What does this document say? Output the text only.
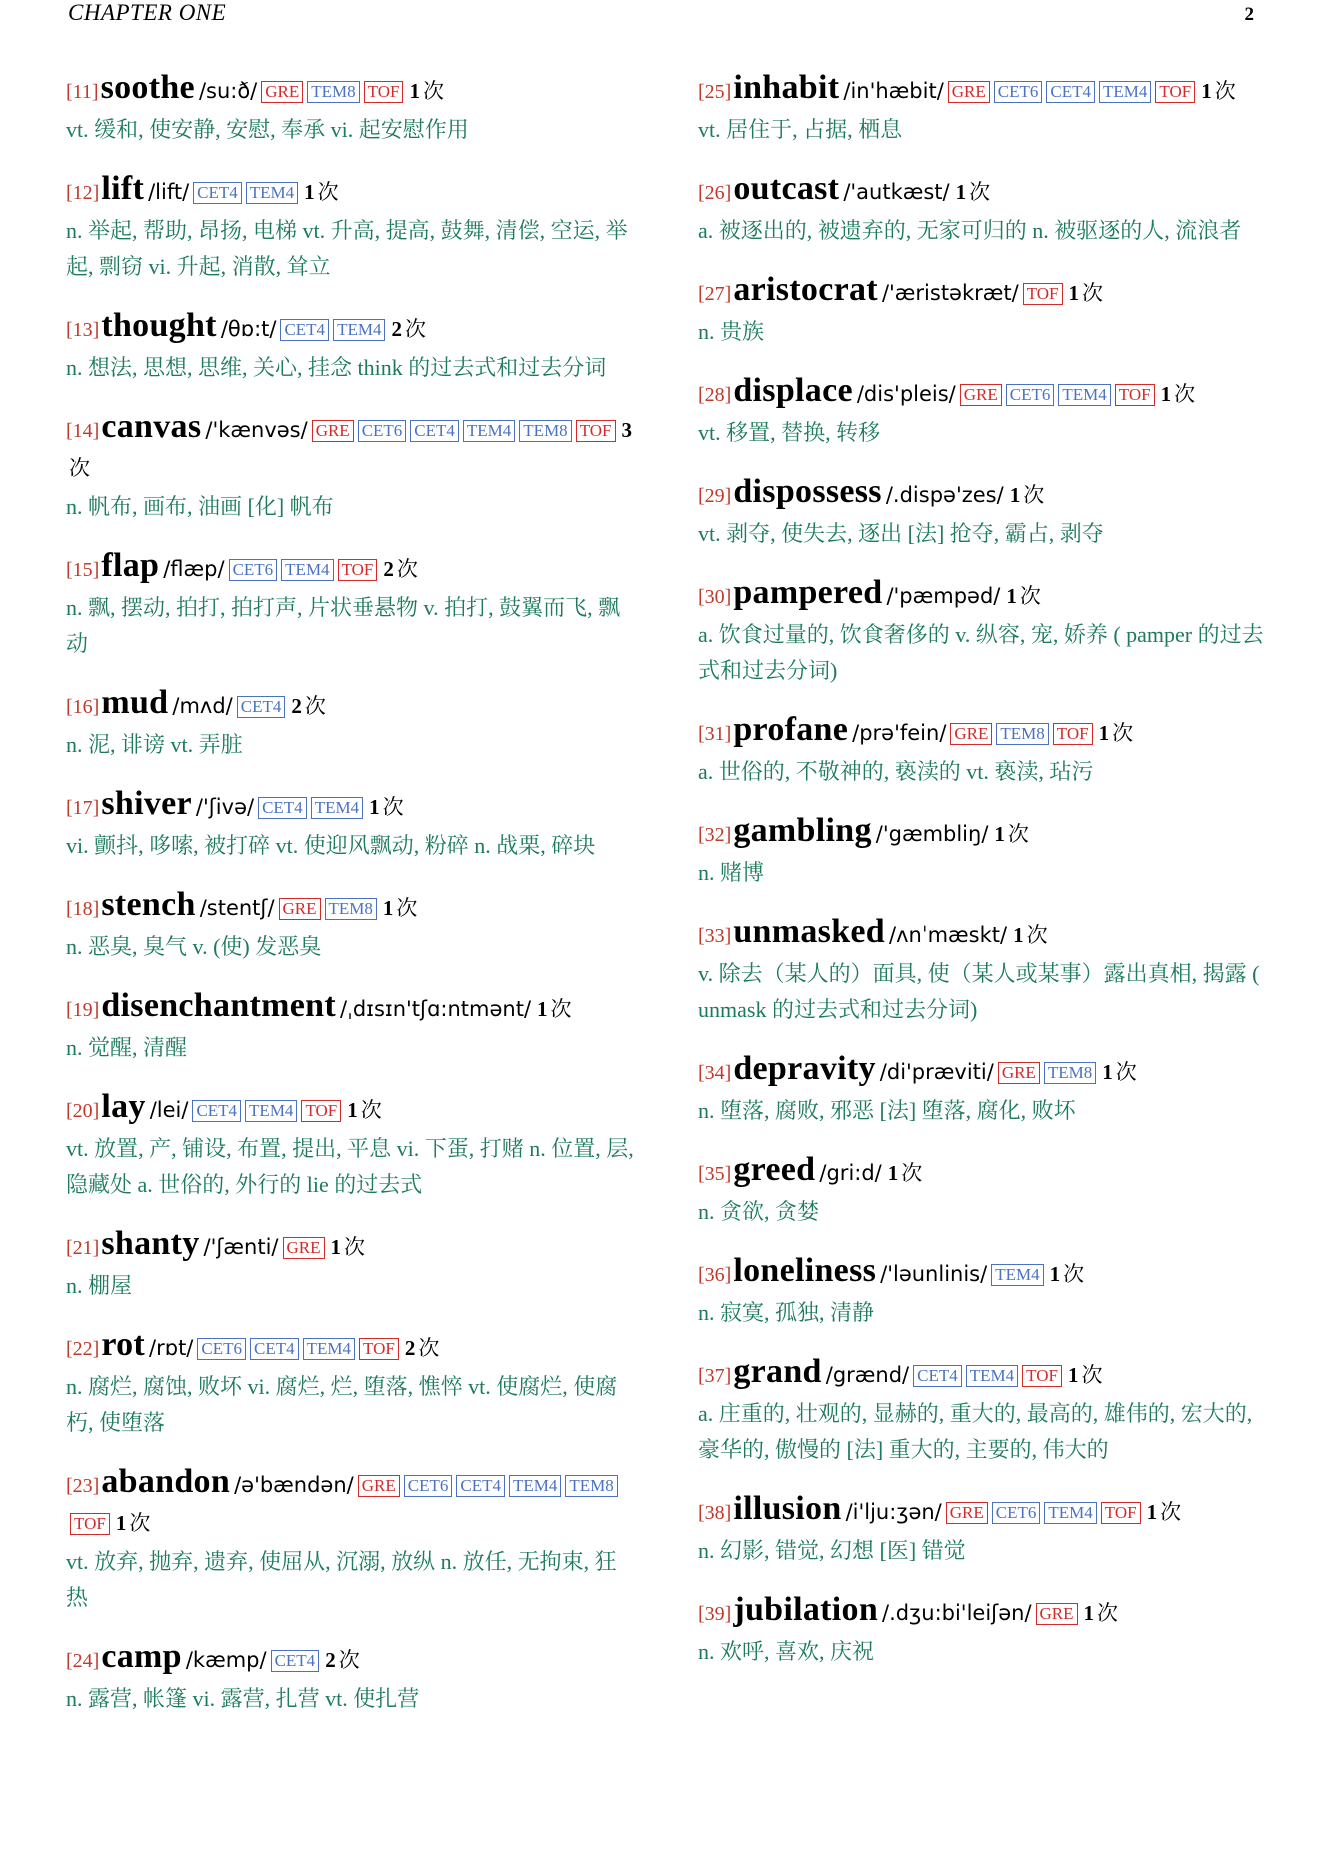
CHAPTER ONE	2
[11]soothe /su:ð/ GRE TEM8 TOF 1 次
vt. 缓和, 使安静, 安慰, 奉承 vi. 起安慰作用
[12]lift /lift/ CET4 TEM4 1 次
n. 举起, 帮助, 昂扬, 电梯 vt. 升高, 提高, 鼓舞, 清偿, 空运, 举起, 剽窃 vi. 升起, 消散, 耸立
[13]thought /θɒ:t/ CET4 TEM4 2 次
n. 想法, 思想, 思维, 关心, 挂念 think 的过去式和过去分词
[14]canvas /'kænvəs/ GRE CET6 CET4 TEM4 TEM8 TOF 3次
n. 帆布, 画布, 油画 [化] 帆布
[15]flap /flæp/ CET6 TEM4 TOF 2 次
n. 飘, 摆动, 拍打, 拍打声, 片状垂悬物 v. 拍打, 鼓翼而飞, 飘动
[16]mud /mʌd/ CET4 2 次
n. 泥, 诽谤 vt. 弄脏
[17]shiver /'ʃivə/ CET4 TEM4 1 次
vi. 颤抖, 哆嗦, 被打碎 vt. 使迎风飘动, 粉碎 n. 战栗, 碎块
[18]stench /stentʃ/ GRE TEM8 1 次
n. 恶臭, 臭气 v. (使) 发恶臭
[19]disenchantment /ˌdɪsɪn'tʃɑ:ntmənt/ 1 次
n. 觉醒, 清醒
[20]lay /lei/ CET4 TEM4 TOF 1 次
vt. 放置, 产, 铺设, 布置, 提出, 平息 vi. 下蛋, 打赌 n. 位置, 层, 隐藏处 a. 世俗的, 外行的 lie 的过去式
[21]shanty /'ʃænti/ GRE 1 次
n. 棚屋
[22]rot /rɒt/ CET6 CET4 TEM4 TOF 2 次
n. 腐烂, 腐蚀, 败坏 vi. 腐烂, 烂, 堕落, 憔悴 vt. 使腐烂, 使腐朽, 使堕落
[23]abandon /ə'bændən/ GRE CET6 CET4 TEM4 TEM8TOF 1 次
vt. 放弃, 抛弃, 遗弃, 使屈从, 沉溺, 放纵 n. 放任, 无拘束, 狂热
[24]camp /kæmp/ CET4 2 次
n. 露营, 帐篷 vi. 露营, 扎营 vt. 使扎营
[25]inhabit /in'hæbit/ GRE CET6 CET4 TEM4 TOF 1 次
vt. 居住于, 占据, 栖息
[26]outcast /'autkæst/ 1 次
a. 被逐出的, 被遗弃的, 无家可归的 n. 被驱逐的人, 流浪者
[27]aristocrat /'æristəkræt/ TOF 1 次
n. 贵族
[28]displace /dis'pleis/ GRE CET6 TEM4 TOF 1 次
vt. 移置, 替换, 转移
[29]dispossess /.dispə'zes/ 1 次
vt. 剥夺, 使失去, 逐出 [法] 抢夺, 霸占, 剥夺
[30]pampered /'pæmpəd/ 1 次
a. 饮食过量的, 饮食奢侈的 v. 纵容, 宠, 娇养 ( pamper 的过去式和过去分词)
[31]profane /prə'fein/ GRE TEM8 TOF 1 次
a. 世俗的, 不敬神的, 亵渎的 vt. 亵渎, 玷污
[32]gambling /'gæmbliŋ/ 1 次
n. 赌博
[33]unmasked /ʌnˈmæskt/ 1 次
v. 除去（某人的）面具, 使（某人或某事）露出真相, 揭露 ( unmask 的过去式和过去分词)
[34]depravity /di'præviti/ GRE TEM8 1 次
n. 堕落, 腐败, 邪恶 [法] 堕落, 腐化, 败坏
[35]greed /gri:d/ 1 次
n. 贪欲, 贪婪
[36]loneliness /'ləunlinis/ TEM4 1 次
n. 寂寞, 孤独, 清静
[37]grand /grænd/ CET4 TEM4 TOF 1 次
a. 庄重的, 壮观的, 显赫的, 重大的, 最高的, 雄伟的, 宏大的, 豪华的, 傲慢的 [法] 重大的, 主要的, 伟大的
[38]illusion /i'lju:ʒən/ GRE CET6 TEM4 TOF 1 次
n. 幻影, 错觉, 幻想 [医] 错觉
[39]jubilation /.dʒu:bi'leiʃən/ GRE 1 次
n. 欢呼, 喜欢, 庆祝
